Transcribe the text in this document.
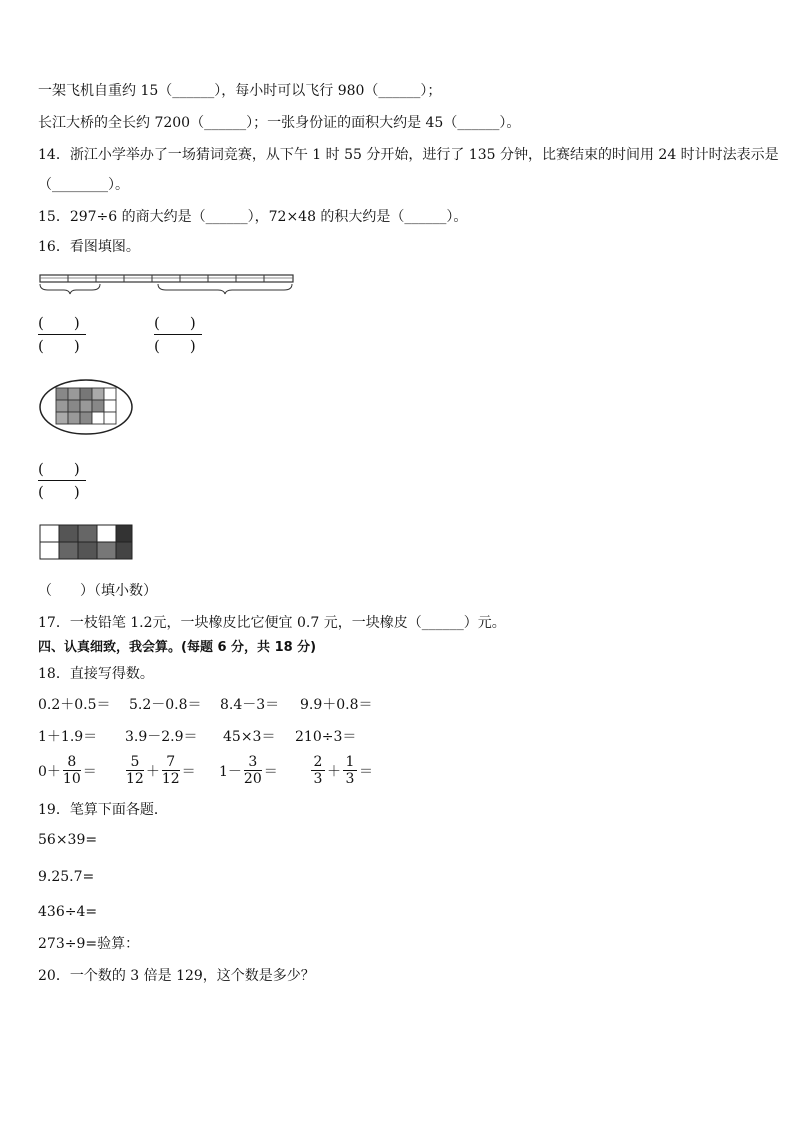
一架飞机自重约 15（______），每小时可以飞行 980（______）；
长江大桥的全长约 7200（______）；一张身份证的面积大约是 45（______）。
14．浙江小学举办了一场猜词竞赛，从下午 1 时 55 分开始，进行了 135 分钟，比赛结束的时间用 24 时计时法表示是
（________）。
15．297÷6 的商大约是（______），72×48 的积大约是（______）。
16．看图填图。
(　　)
(　　)
(　　)
(　　)
(　　)
(　　)
（　　）（填小数）
17．一枝铅笔 1.2元，一块橡皮比它便宜 0.7 元，一块橡皮（______）元。
四、认真细致，我会算。(每题 6 分，共 18 分)
18．直接写得数。
0.2＋0.5＝ 5.2－0.8＝ 8.4－3＝ 9.9＋0.8＝
1＋1.9＝ 3.9－2.9＝ 45×3＝ 210÷3＝
0＋
8
10 ＝
5
12 ＋
7
12 ＝ 1－
3
20 ＝
2
3 ＋
1
3 ＝
19．笔算下面各题．
56×39=
9.25.7=
436÷4=
273÷9=验算：
20．一个数的 3 倍是 129，这个数是多少？
